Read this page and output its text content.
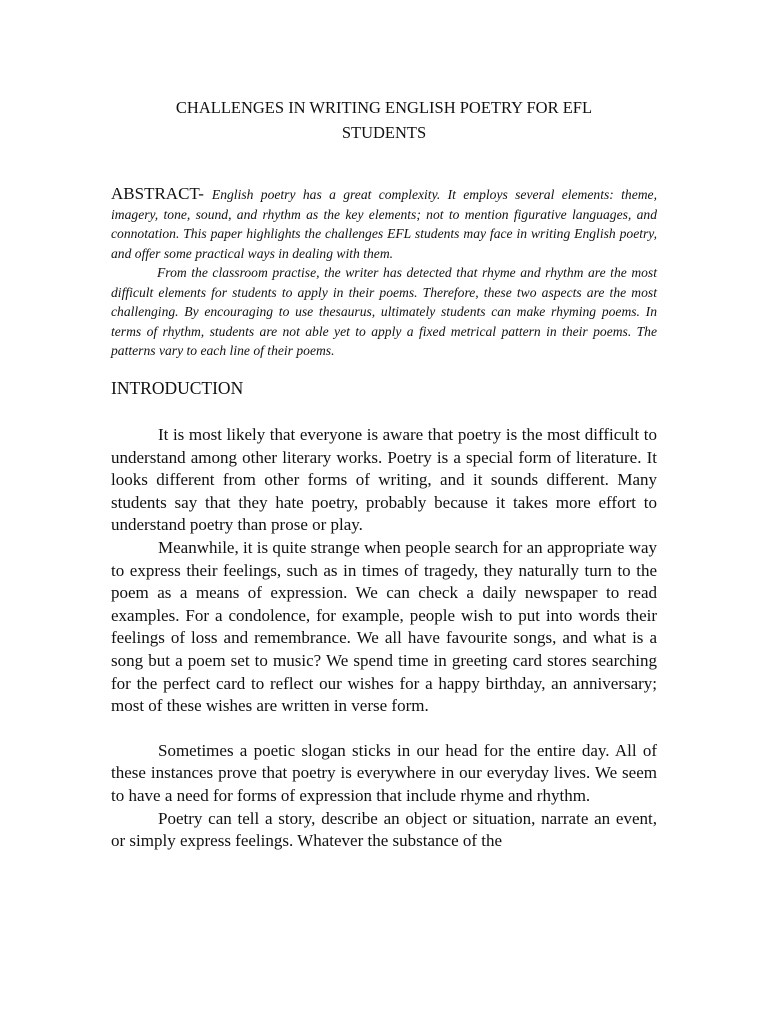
CHALLENGES IN WRITING ENGLISH POETRY FOR EFL
STUDENTS

ABSTRACT- English poetry has a great complexity. It employs several elements: theme, imagery, tone, sound, and rhythm as the key elements; not to mention figurative languages, and connotation. This paper highlights the challenges EFL students may face in writing English poetry, and offer some practical ways in dealing with them.

From the classroom practise, the writer has detected that rhyme and rhythm are the most difficult elements for students to apply in their poems. Therefore, these two aspects are the most challenging. By encouraging to use thesaurus, ultimately students can make rhyming poems. In terms of rhythm, students are not able yet to apply a fixed metrical pattern in their poems. The patterns vary to each line of their poems.

INTRODUCTION

It is most likely that everyone is aware that poetry is the most difficult to understand among other literary works. Poetry is a special form of literature. It looks different from other forms of writing, and it sounds different. Many students say that they hate poetry, probably because it takes more effort to understand poetry than prose or play.

Meanwhile, it is quite strange when people search for an appropriate way to express their feelings, such as in times of tragedy, they naturally turn to the poem as a means of expression. We can check a daily newspaper to read examples. For a condolence, for example, people wish to put into words their feelings of loss and remembrance. We all have favourite songs, and what is a song but a poem set to music? We spend time in greeting card stores searching for the perfect card to reflect our wishes for a happy birthday, an anniversary; most of these wishes are written in verse form.

Sometimes a poetic slogan sticks in our head for the entire day. All of these instances prove that poetry is everywhere in our everyday lives. We seem to have a need for forms of expression that include rhyme and rhythm.

Poetry can tell a story, describe an object or situation, narrate an event, or simply express feelings. Whatever the substance of the
